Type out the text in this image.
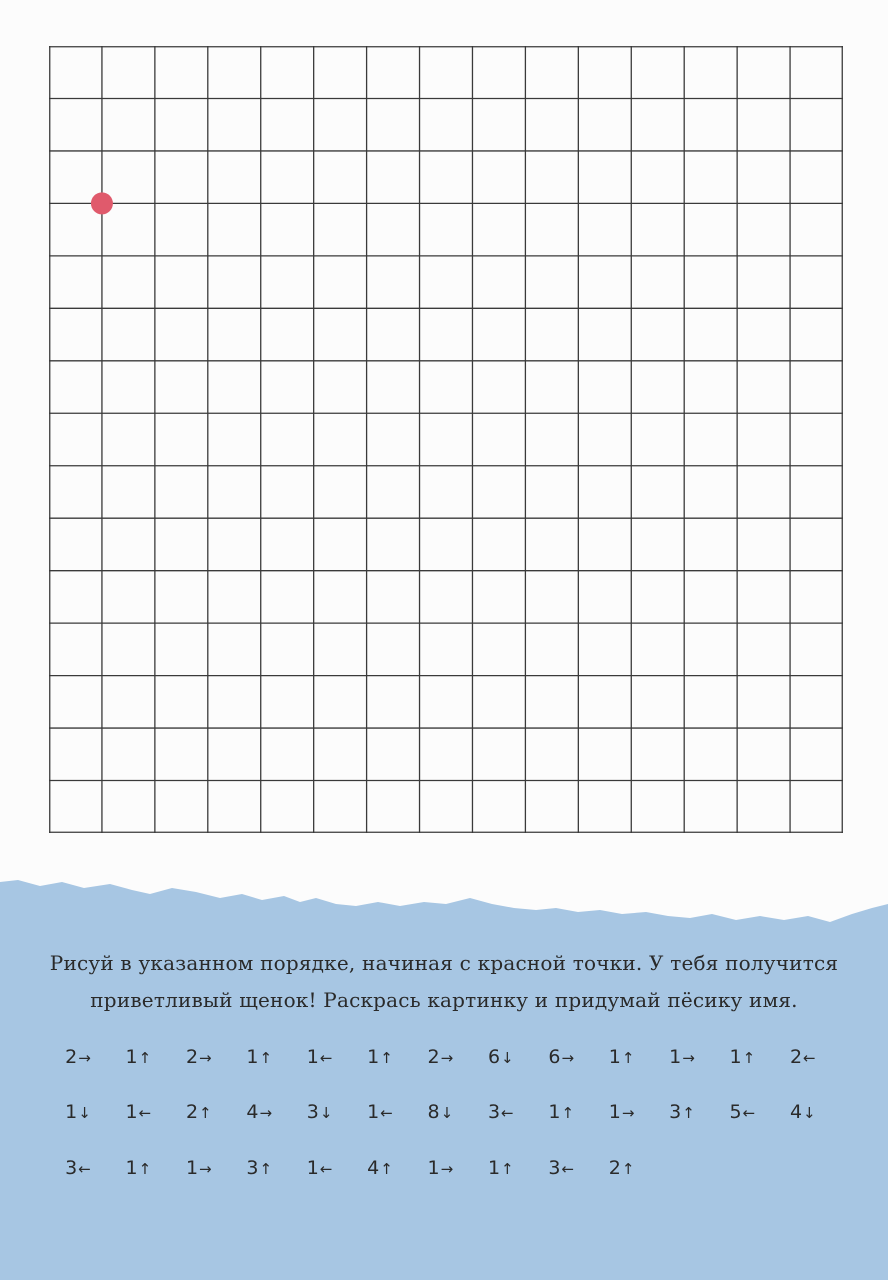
Рисуй в указанном порядке, начиная с красной точки. У тебя получится
приветливый щенок! Раскрась картинку и придумай пёсику имя.
2→ 1↑ 2→ 1↑ 1← 1↑ 2→ 6↓ 6→ 1↑ 1→ 1↑ 2←
1↓ 1← 2↑ 4→ 3↓ 1← 8↓ 3← 1↑ 1→ 3↑ 5← 4↓
3← 1↑ 1→ 3↑ 1← 4↑ 1→ 1↑ 3← 2↑
